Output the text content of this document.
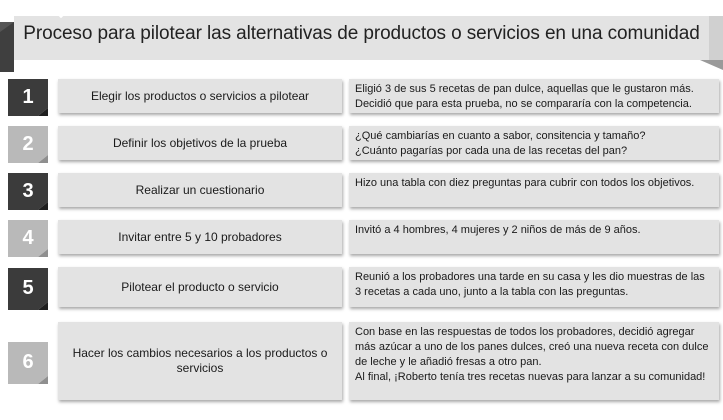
Proceso para pilotear las alternativas de productos o servicios en una comunidad
1	Elegir los productos o servicios a pilotear	Eligió 3 de sus 5 recetas de pan dulce, aquellas que le gustaron más.
Decidió que para esta prueba, no se compararía con la competencia.
2	Definir los objetivos de la prueba	¿Qué cambiarías en cuanto a sabor, consitencia y tamaño?
¿Cuánto pagarías por cada una de las recetas del pan?
3	Realizar un cuestionario	Hizo una tabla con diez preguntas para cubrir con todos los objetivos.
4	Invitar entre 5 y 10 probadores	Invitó a 4 hombres, 4 mujeres y 2 niños de más de 9 años.
5	Pilotear el producto o servicio
Reunió a los probadores una tarde en su casa y les dio muestras de las
3 recetas a cada uno, junto a la tabla con las preguntas.
6	Hacer los cambios necesarios a los productos o servicios
Con base en las respuestas de todos los probadores, decidió agregar
más azúcar a uno de los panes dulces, creó una nueva receta con dulce
de leche y le añadió fresas a otro pan.
Al final, ¡Roberto tenía tres recetas nuevas para lanzar a su comunidad!
